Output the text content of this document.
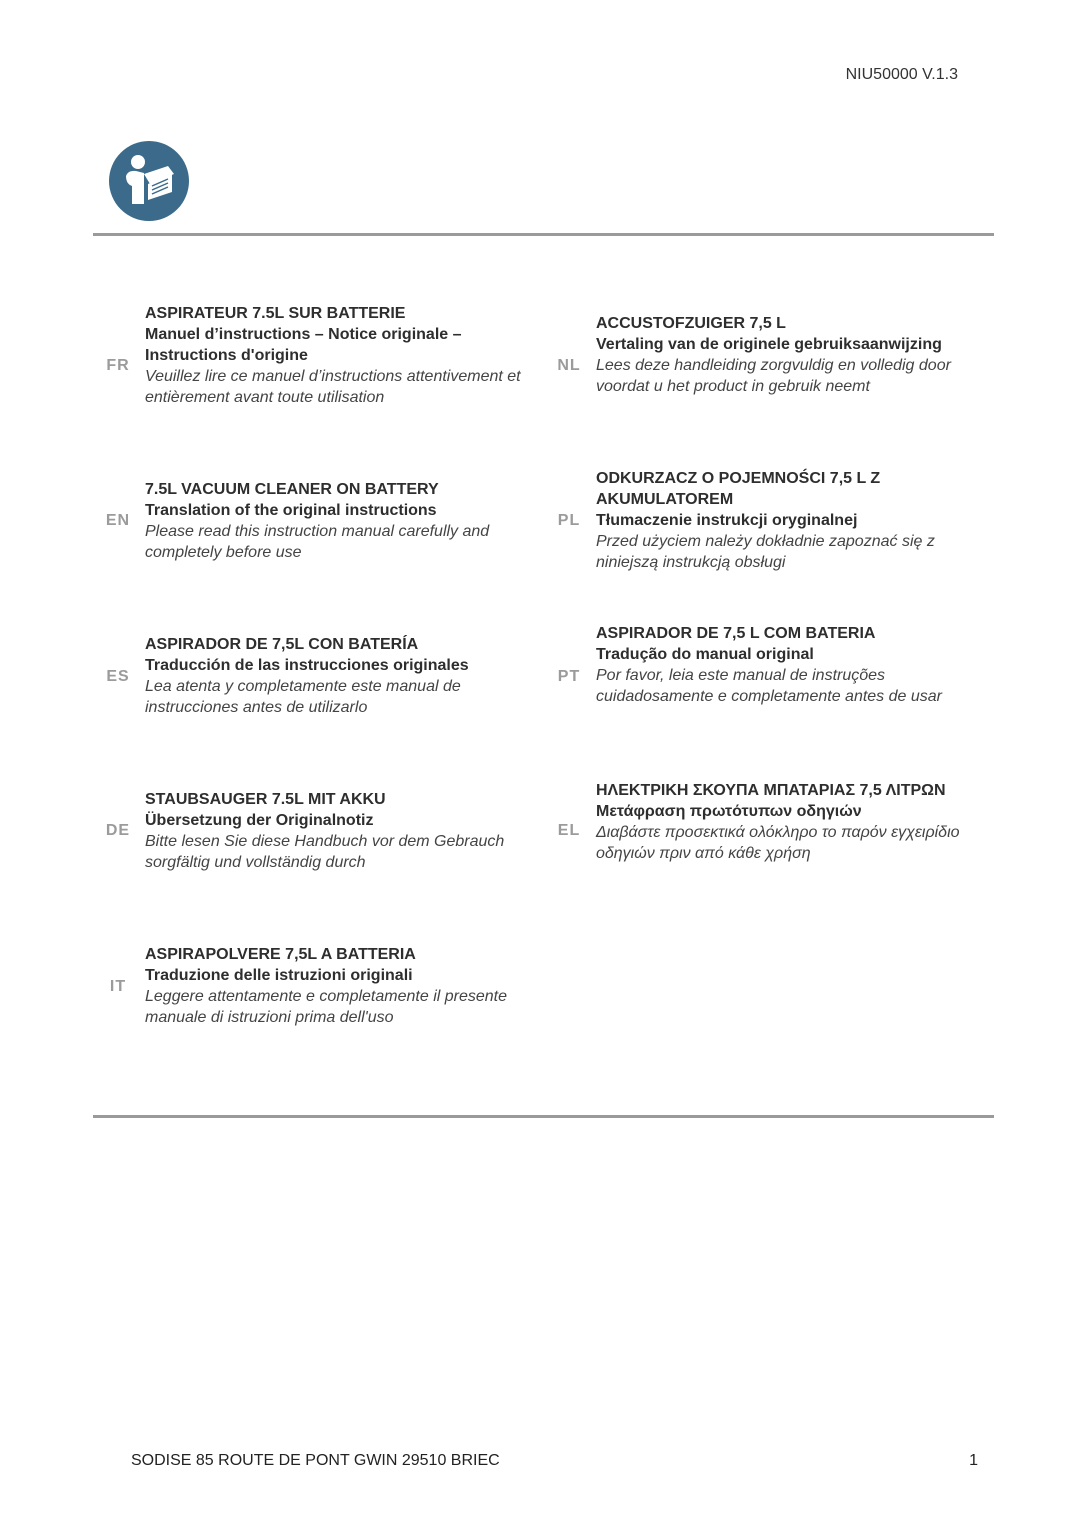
NIU50000 V.1.3
FR
ASPIRATEUR 7.5L SUR BATTERIE
Manuel d’instructions – Notice originale – Instructions d'origine
Veuillez lire ce manuel d’instructions attentivement et entièrement avant toute utilisation
EN
7.5L VACUUM CLEANER ON BATTERY
Translation of the original instructions
Please read this instruction manual carefully and completely before use
ES
ASPIRADOR DE 7,5L CON BATERÍA
Traducción de las instrucciones originales
Lea atenta y completamente este manual de instrucciones antes de utilizarlo
DE
STAUBSAUGER 7.5L MIT AKKU
Übersetzung der Originalnotiz
Bitte lesen Sie diese Handbuch vor dem Gebrauch sorgfältig und vollständig durch
IT
ASPIRAPOLVERE 7,5L A BATTERIA
Traduzione delle istruzioni originali
Leggere attentamente e completamente il presente manuale di istruzioni prima dell'uso
NL
ACCUSTOFZUIGER 7,5 L
Vertaling van de originele gebruiksaanwijzing
Lees deze handleiding zorgvuldig en volledig door voordat u het product in gebruik neemt
PL
ODKURZACZ O POJEMNOŚCI 7,5 L Z AKUMULATOREM
Tłumaczenie instrukcji oryginalnej
Przed użyciem należy dokładnie zapoznać się z niniejszą instrukcją obsługi
PT
ASPIRADOR DE 7,5 L COM BATERIA
Tradução do manual original
Por favor, leia este manual de instruções cuidadosamente e completamente antes de usar
EL
ΗΛΕΚΤΡΙΚΗ ΣΚΟΥΠΑ ΜΠΑΤΑΡΙΑΣ 7,5 ΛΙΤΡΩΝ
Μετάφραση πρωτότυπων οδηγιών
Διαβάστε προσεκτικά ολόκληρο το παρόν εγχειρίδιο οδηγιών πριν από κάθε χρήση
SODISE 85 ROUTE DE PONT GWIN 29510 BRIEC	1
